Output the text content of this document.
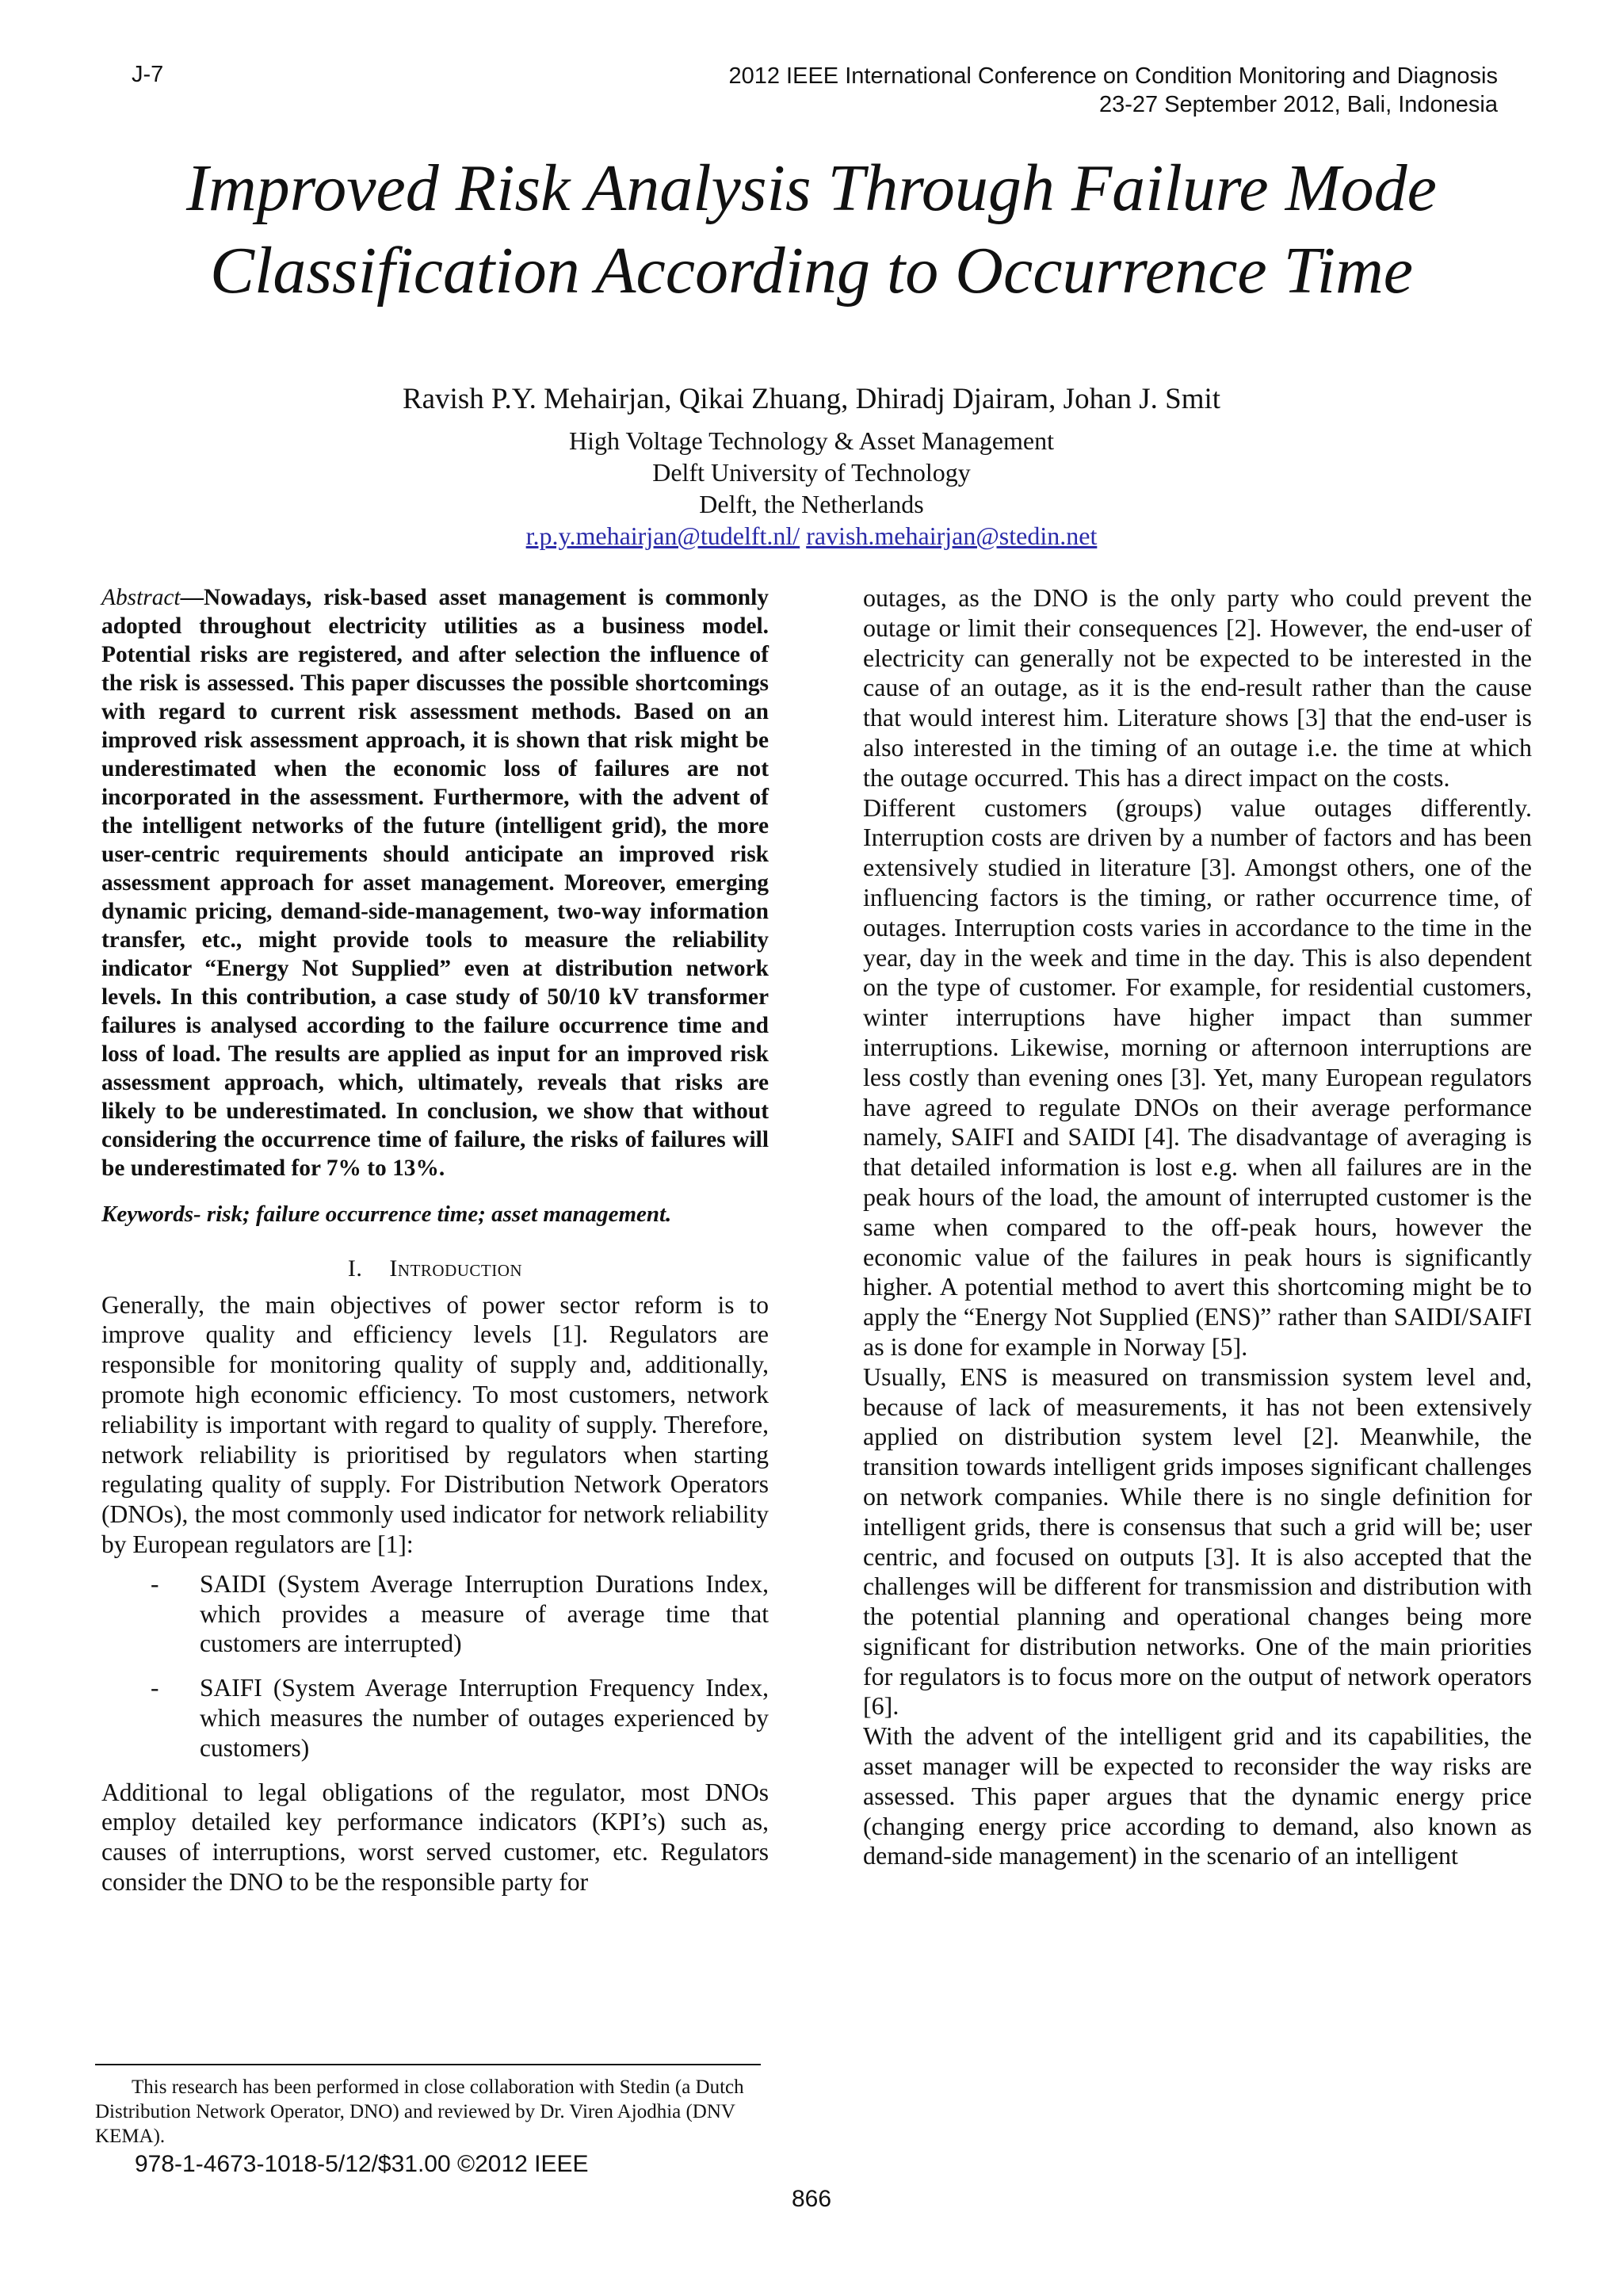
J-7	2012 IEEE International Conference on Condition Monitoring and Diagnosis
23-27 September 2012, Bali, Indonesia
Improved Risk Analysis Through Failure Mode
Classification According to Occurrence Time
Ravish P.Y. Mehairjan, Qikai Zhuang, Dhiradj Djairam, Johan J. Smit
High Voltage Technology & Asset Management
Delft University of Technology
Delft, the Netherlands
r.p.y.mehairjan@tudelft.nl/ ravish.mehairjan@stedin.net

Abstract—Nowadays, risk-based asset management is commonly adopted throughout electricity utilities as a business model. Potential risks are registered, and after selection the influence of the risk is assessed. This paper discusses the possible shortcomings with regard to current risk assessment methods. Based on an improved risk assessment approach, it is shown that risk might be underestimated when the economic loss of failures are not incorporated in the assessment. Furthermore, with the advent of the intelligent networks of the future (intelligent grid), the more user-centric requirements should anticipate an improved risk assessment approach for asset management. Moreover, emerging dynamic pricing, demand-side-management, two-way information transfer, etc., might provide tools to measure the reliability indicator “Energy Not Supplied” even at distribution network levels. In this contribution, a case study of 50/10 kV transformer failures is analysed according to the failure occurrence time and loss of load. The results are applied as input for an improved risk assessment approach, which, ultimately, reveals that risks are likely to be underestimated. In conclusion, we show that without considering the occurrence time of failure, the risks of failures will be underestimated for 7% to 13%.

Keywords- risk; failure occurrence time; asset management.

I. Introduction

Generally, the main objectives of power sector reform is to improve quality and efficiency levels [1]. Regulators are responsible for monitoring quality of supply and, additionally, promote high economic efficiency. To most customers, network reliability is important with regard to quality of supply. Therefore, network reliability is prioritised by regulators when starting regulating quality of supply. For Distribution Network Operators (DNOs), the most commonly used indicator for network reliability by European regulators are [1]:

- SAIDI (System Average Interruption Durations Index, which provides a measure of average time that customers are interrupted)
- SAIFI (System Average Interruption Frequency Index, which measures the number of outages experienced by customers)

Additional to legal obligations of the regulator, most DNOs employ detailed key performance indicators (KPI’s) such as, causes of interruptions, worst served customer, etc. Regulators consider the DNO to be the responsible party for

outages, as the DNO is the only party who could prevent the outage or limit their consequences [2]. However, the end-user of electricity can generally not be expected to be interested in the cause of an outage, as it is the end-result rather than the cause that would interest him. Literature shows [3] that the end-user is also interested in the timing of an outage i.e. the time at which the outage occurred. This has a direct impact on the costs.

Different customers (groups) value outages differently. Interruption costs are driven by a number of factors and has been extensively studied in literature [3]. Amongst others, one of the influencing factors is the timing, or rather occurrence time, of outages. Interruption costs varies in accordance to the time in the year, day in the week and time in the day. This is also dependent on the type of customer. For example, for residential customers, winter interruptions have higher impact than summer interruptions. Likewise, morning or afternoon interruptions are less costly than evening ones [3]. Yet, many European regulators have agreed to regulate DNOs on their average performance namely, SAIFI and SAIDI [4]. The disadvantage of averaging is that detailed information is lost e.g. when all failures are in the peak hours of the load, the amount of interrupted customer is the same when compared to the off-peak hours, however the economic value of the failures in peak hours is significantly higher. A potential method to avert this shortcoming might be to apply the “Energy Not Supplied (ENS)” rather than SAIDI/SAIFI as is done for example in Norway [5].

Usually, ENS is measured on transmission system level and, because of lack of measurements, it has not been extensively applied on distribution system level [2]. Meanwhile, the transition towards intelligent grids imposes significant challenges on network companies. While there is no single definition for intelligent grids, there is consensus that such a grid will be; user centric, and focused on outputs [3]. It is also accepted that the challenges will be different for transmission and distribution with the potential planning and operational changes being more significant for distribution networks. One of the main priorities for regulators is to focus more on the output of network operators [6].

With the advent of the intelligent grid and its capabilities, the asset manager will be expected to reconsider the way risks are assessed. This paper argues that the dynamic energy price (changing energy price according to demand, also known as demand-side management) in the scenario of an intelligent

This research has been performed in close collaboration with Stedin (a Dutch Distribution Network Operator, DNO) and reviewed by Dr. Viren Ajodhia (DNV KEMA).
978-1-4673-1018-5/12/$31.00 ©2012 IEEE
866
